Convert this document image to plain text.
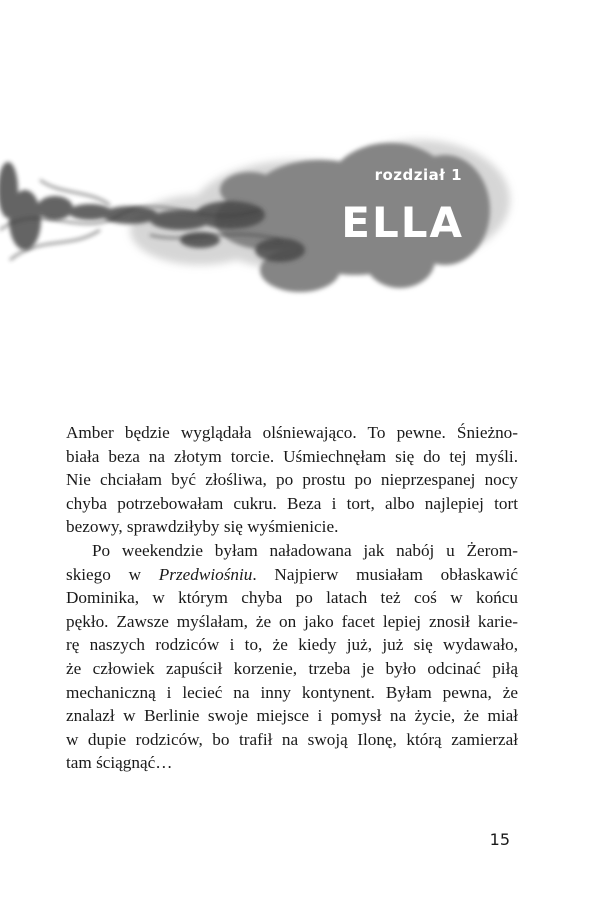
rozdział 1
ELLA
Amber będzie wyglądała olśniewająco. To pewne. Śnieżno-
biała beza na złotym torcie. Uśmiechnęłam się do tej myśli.
Nie chciałam być złośliwa, po prostu po nieprzespanej nocy
chyba potrzebowałam cukru. Beza i tort, albo najlepiej tort
bezowy, sprawdziłyby się wyśmienicie.
Po weekendzie byłam naładowana jak nabój u Żerom-
skiego w Przedwiośniu. Najpierw musiałam obłaskawić
Dominika, w którym chyba po latach też coś w końcu
pękło. Zawsze myślałam, że on jako facet lepiej znosił karie-
rę naszych rodziców i to, że kiedy już, już się wydawało,
że człowiek zapuścił korzenie, trzeba je było odcinać piłą
mechaniczną i lecieć na inny kontynent. Byłam pewna, że
znalazł w Berlinie swoje miejsce i pomysł na życie, że miał
w dupie rodziców, bo trafił na swoją Ilonę, którą zamierzał
tam ściągnąć…
15
